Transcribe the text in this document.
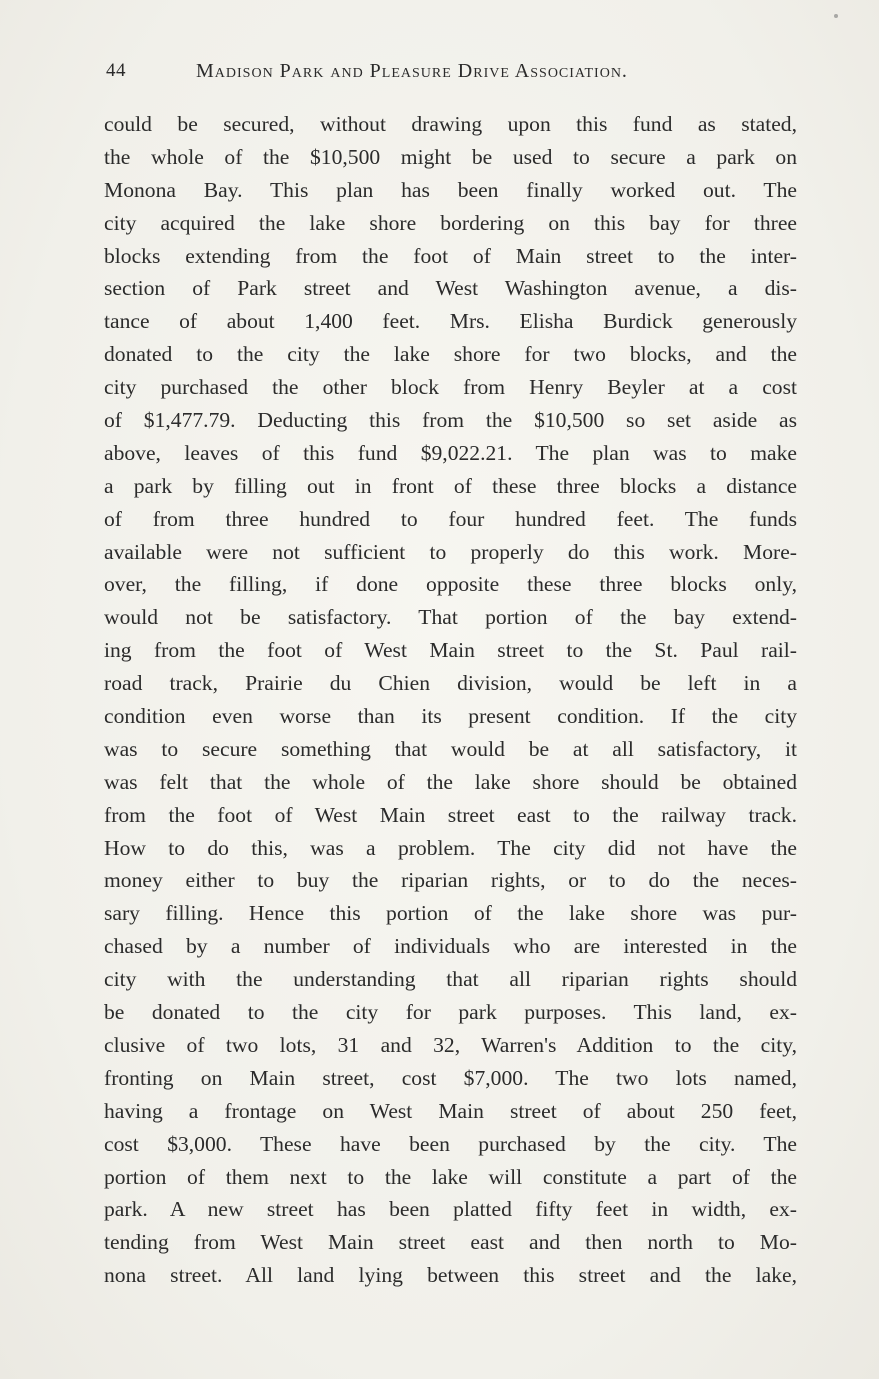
44	Madison Park and Pleasure Drive Association.
could be secured, without drawing upon this fund as stated,
the whole of the $10,500 might be used to secure a park on
Monona Bay. This plan has been finally worked out. The
city acquired the lake shore bordering on this bay for three
blocks extending from the foot of Main street to the inter-
section of Park street and West Washington avenue, a dis-
tance of about 1,400 feet. Mrs. Elisha Burdick generously
donated to the city the lake shore for two blocks, and the
city purchased the other block from Henry Beyler at a cost
of $1,477.79. Deducting this from the $10,500 so set aside as
above, leaves of this fund $9,022.21. The plan was to make
a park by filling out in front of these three blocks a distance
of from three hundred to four hundred feet. The funds
available were not sufficient to properly do this work. More-
over, the filling, if done opposite these three blocks only,
would not be satisfactory. That portion of the bay extend-
ing from the foot of West Main street to the St. Paul rail-
road track, Prairie du Chien division, would be left in a
condition even worse than its present condition. If the city
was to secure something that would be at all satisfactory, it
was felt that the whole of the lake shore should be obtained
from the foot of West Main street east to the railway track.
How to do this, was a problem. The city did not have the
money either to buy the riparian rights, or to do the neces-
sary filling. Hence this portion of the lake shore was pur-
chased by a number of individuals who are interested in the
city with the understanding that all riparian rights should
be donated to the city for park purposes. This land, ex-
clusive of two lots, 31 and 32, Warren's Addition to the city,
fronting on Main street, cost $7,000. The two lots named,
having a frontage on West Main street of about 250 feet,
cost $3,000. These have been purchased by the city. The
portion of them next to the lake will constitute a part of the
park. A new street has been platted fifty feet in width, ex-
tending from West Main street east and then north to Mo-
nona street. All land lying between this street and the lake,
